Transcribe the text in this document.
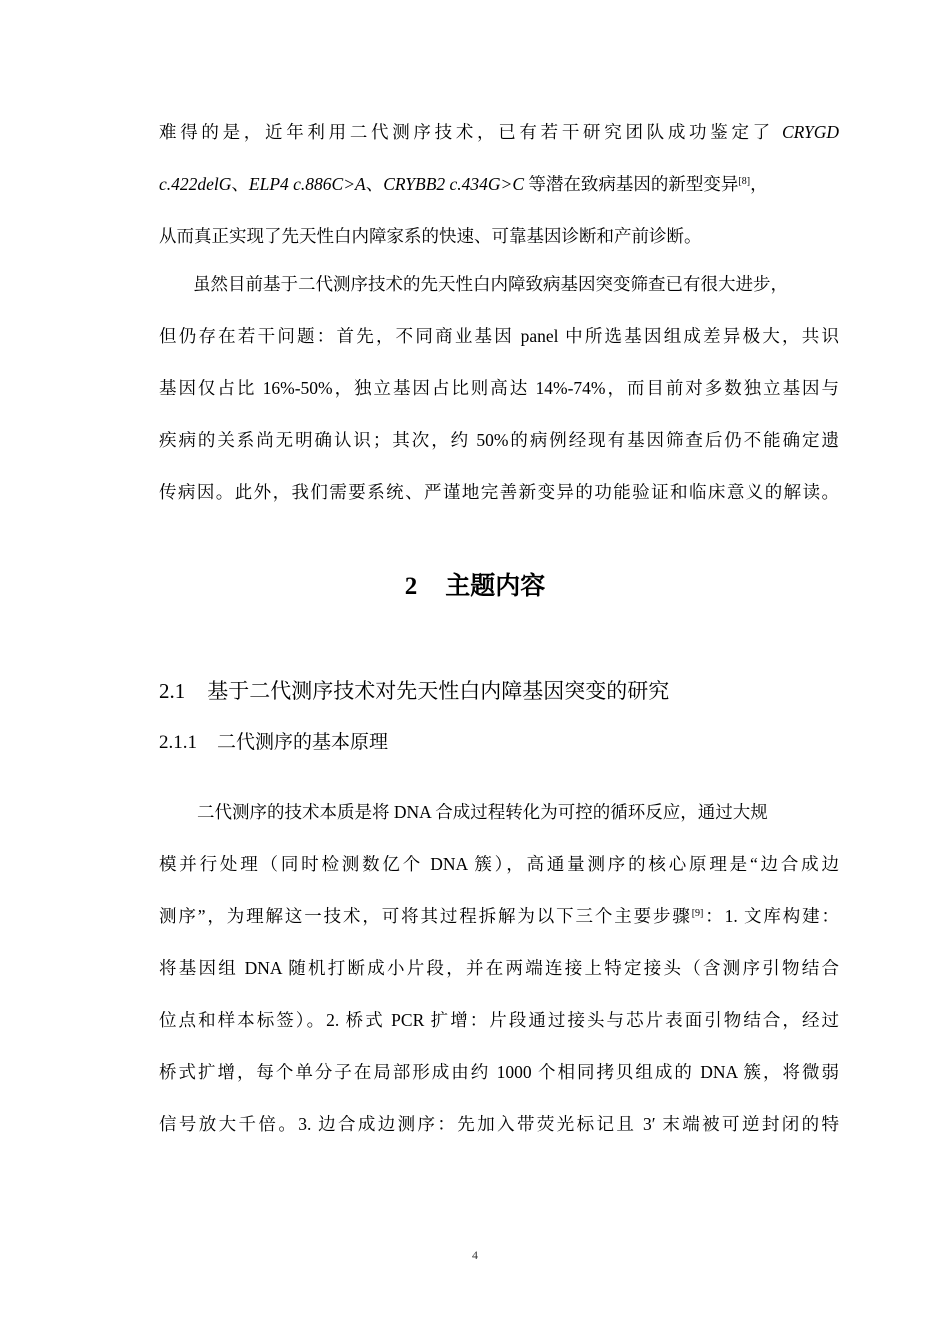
难得的是，近年利用二代测序技术，已有若干研究团队成功鉴定了 CRYGD
c.422delG、ELP4 c.886C>A、CRYBB2 c.434G>C 等潜在致病基因的新型变异[8]，
从而真正实现了先天性白内障家系的快速、可靠基因诊断和产前诊断。
虽然目前基于二代测序技术的先天性白内障致病基因突变筛查已有很大进步，
但仍存在若干问题：首先，不同商业基因 panel 中所选基因组成差异极大，共识
基因仅占比 16%-50%，独立基因占比则高达 14%-74%，而目前对多数独立基因与
疾病的关系尚无明确认识；其次，约 50%的病例经现有基因筛查后仍不能确定遗
传病因。此外，我们需要系统、严谨地完善新变异的功能验证和临床意义的解读。
2 主题内容
2.1 基于二代测序技术对先天性白内障基因突变的研究
2.1.1 二代测序的基本原理
二代测序的技术本质是将 DNA 合成过程转化为可控的循环反应，通过大规
模并行处理（同时检测数亿个 DNA 簇），高通量测序的核心原理是“边合成边
测序”，为理解这一技术，可将其过程拆解为以下三个主要步骤[9]：1. 文库构建：
将基因组 DNA 随机打断成小片段，并在两端连接上特定接头（含测序引物结合
位点和样本标签）。2. 桥式 PCR 扩增：片段通过接头与芯片表面引物结合，经过
桥式扩增，每个单分子在局部形成由约 1000 个相同拷贝组成的 DNA 簇，将微弱
信号放大千倍。3. 边合成边测序：先加入带荧光标记且 3′ 末端被可逆封闭的特
4
